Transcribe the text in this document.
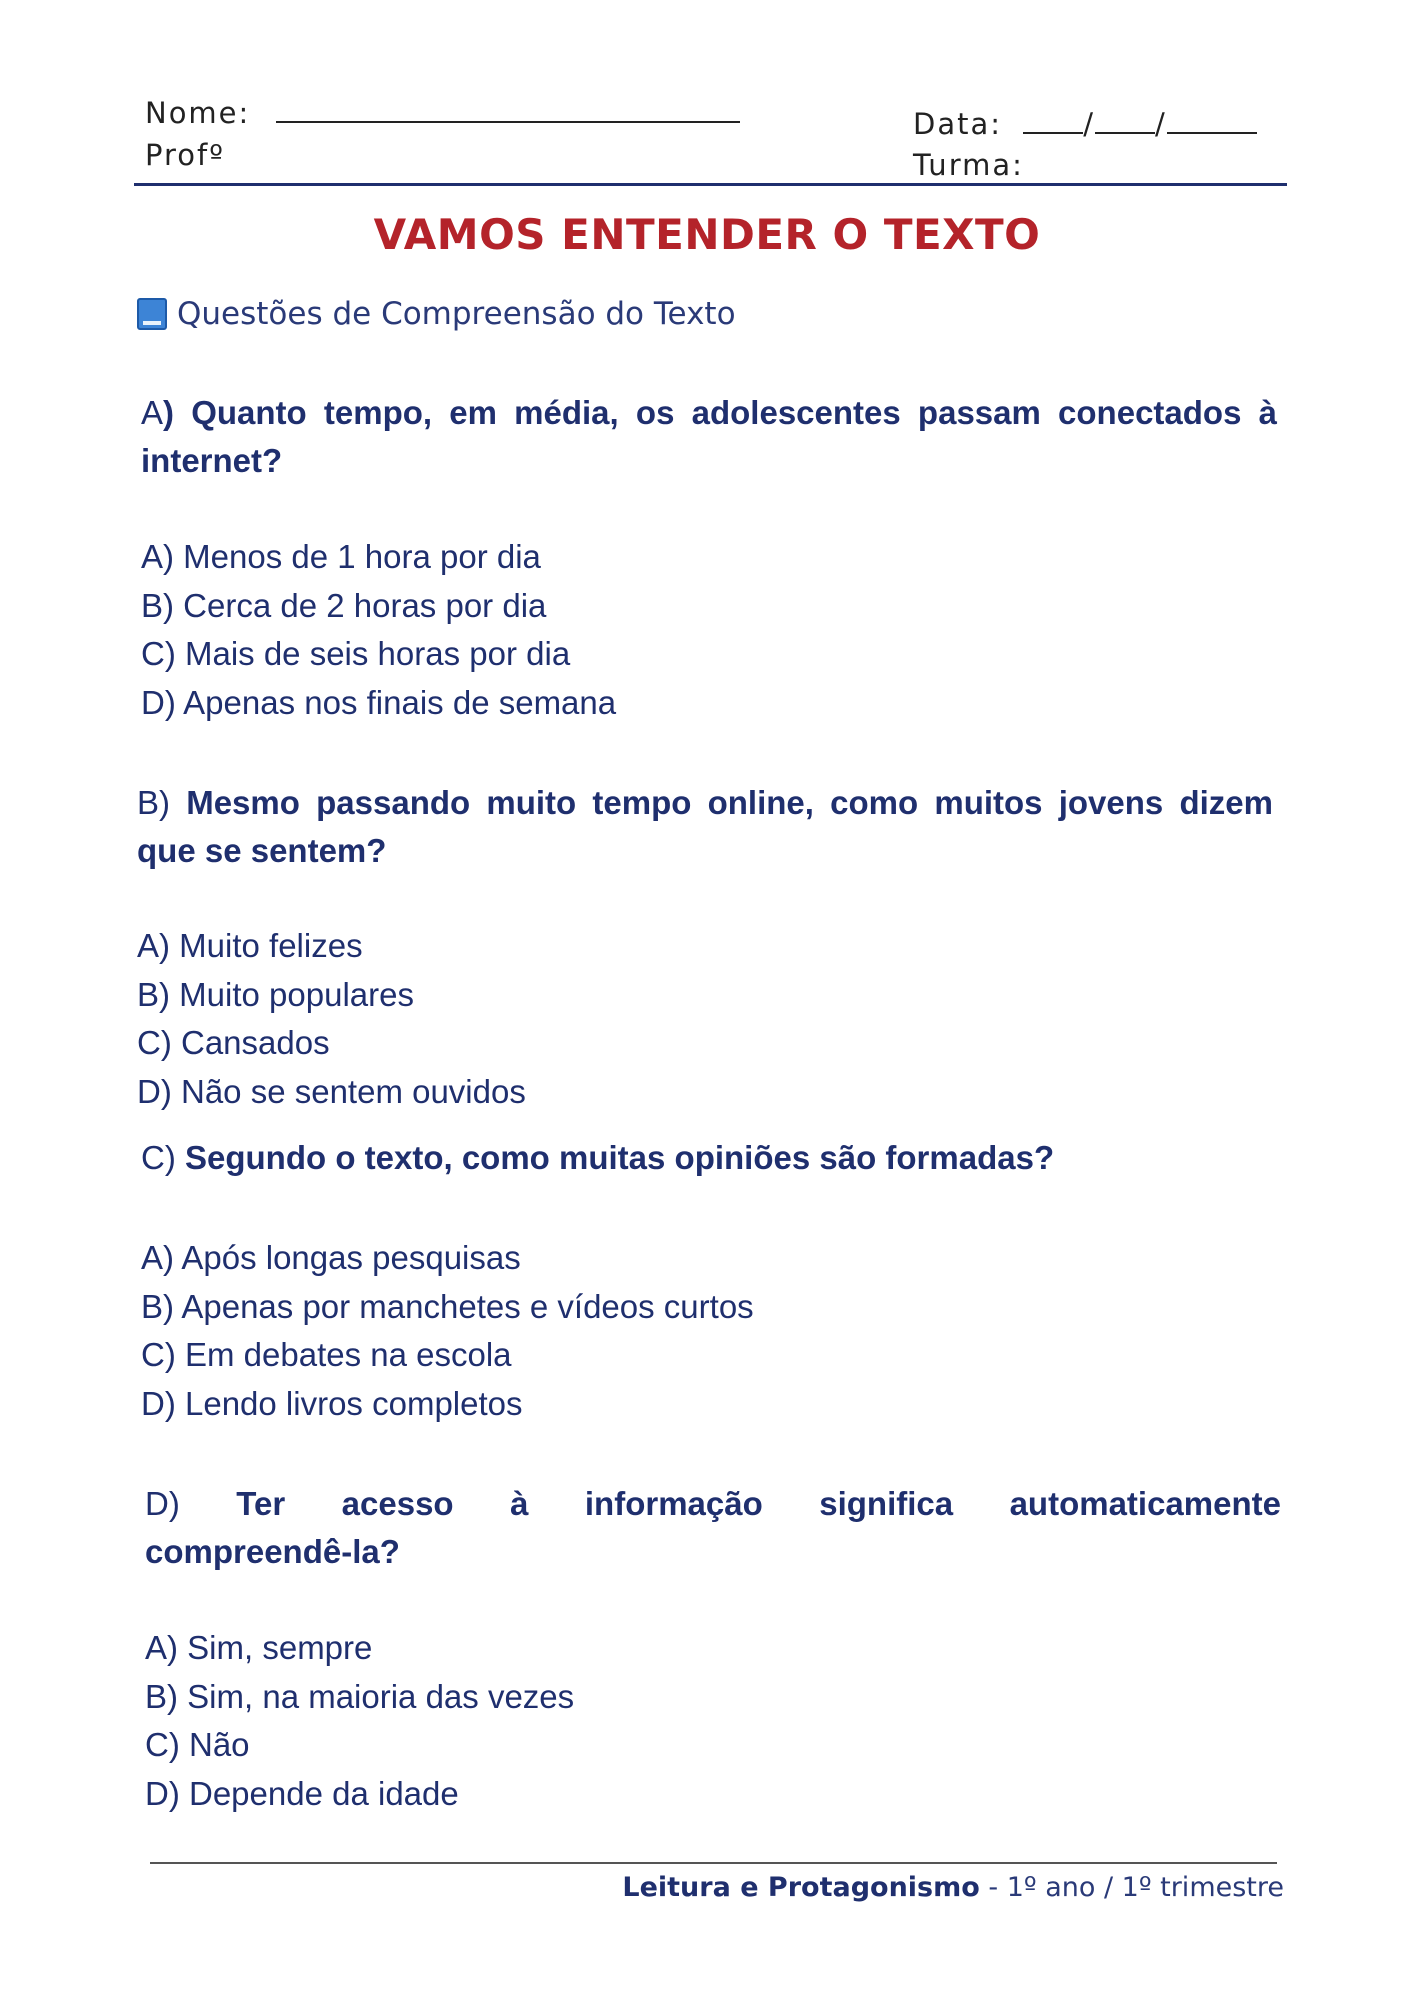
Nome:
Profº
Data:	/ /
Turma:
VAMOS ENTENDER O TEXTO
Questões de Compreensão do Texto
A) Quanto tempo, em média, os adolescentes passam conectados à internet?
A) Menos de 1 hora por dia
B) Cerca de 2 horas por dia
C) Mais de seis horas por dia
D) Apenas nos finais de semana
B) Mesmo passando muito tempo online, como muitos jovens dizem que se sentem?
A) Muito felizes
B) Muito populares
C) Cansados
D) Não se sentem ouvidos
C) Segundo o texto, como muitas opiniões são formadas?
A) Após longas pesquisas
B) Apenas por manchetes e vídeos curtos
C) Em debates na escola
D) Lendo livros completos
D) Ter acesso à informação significa automaticamente compreendê-la?
A) Sim, sempre
B) Sim, na maioria das vezes
C) Não
D) Depende da idade
Leitura e Protagonismo - 1º ano / 1º trimestre
